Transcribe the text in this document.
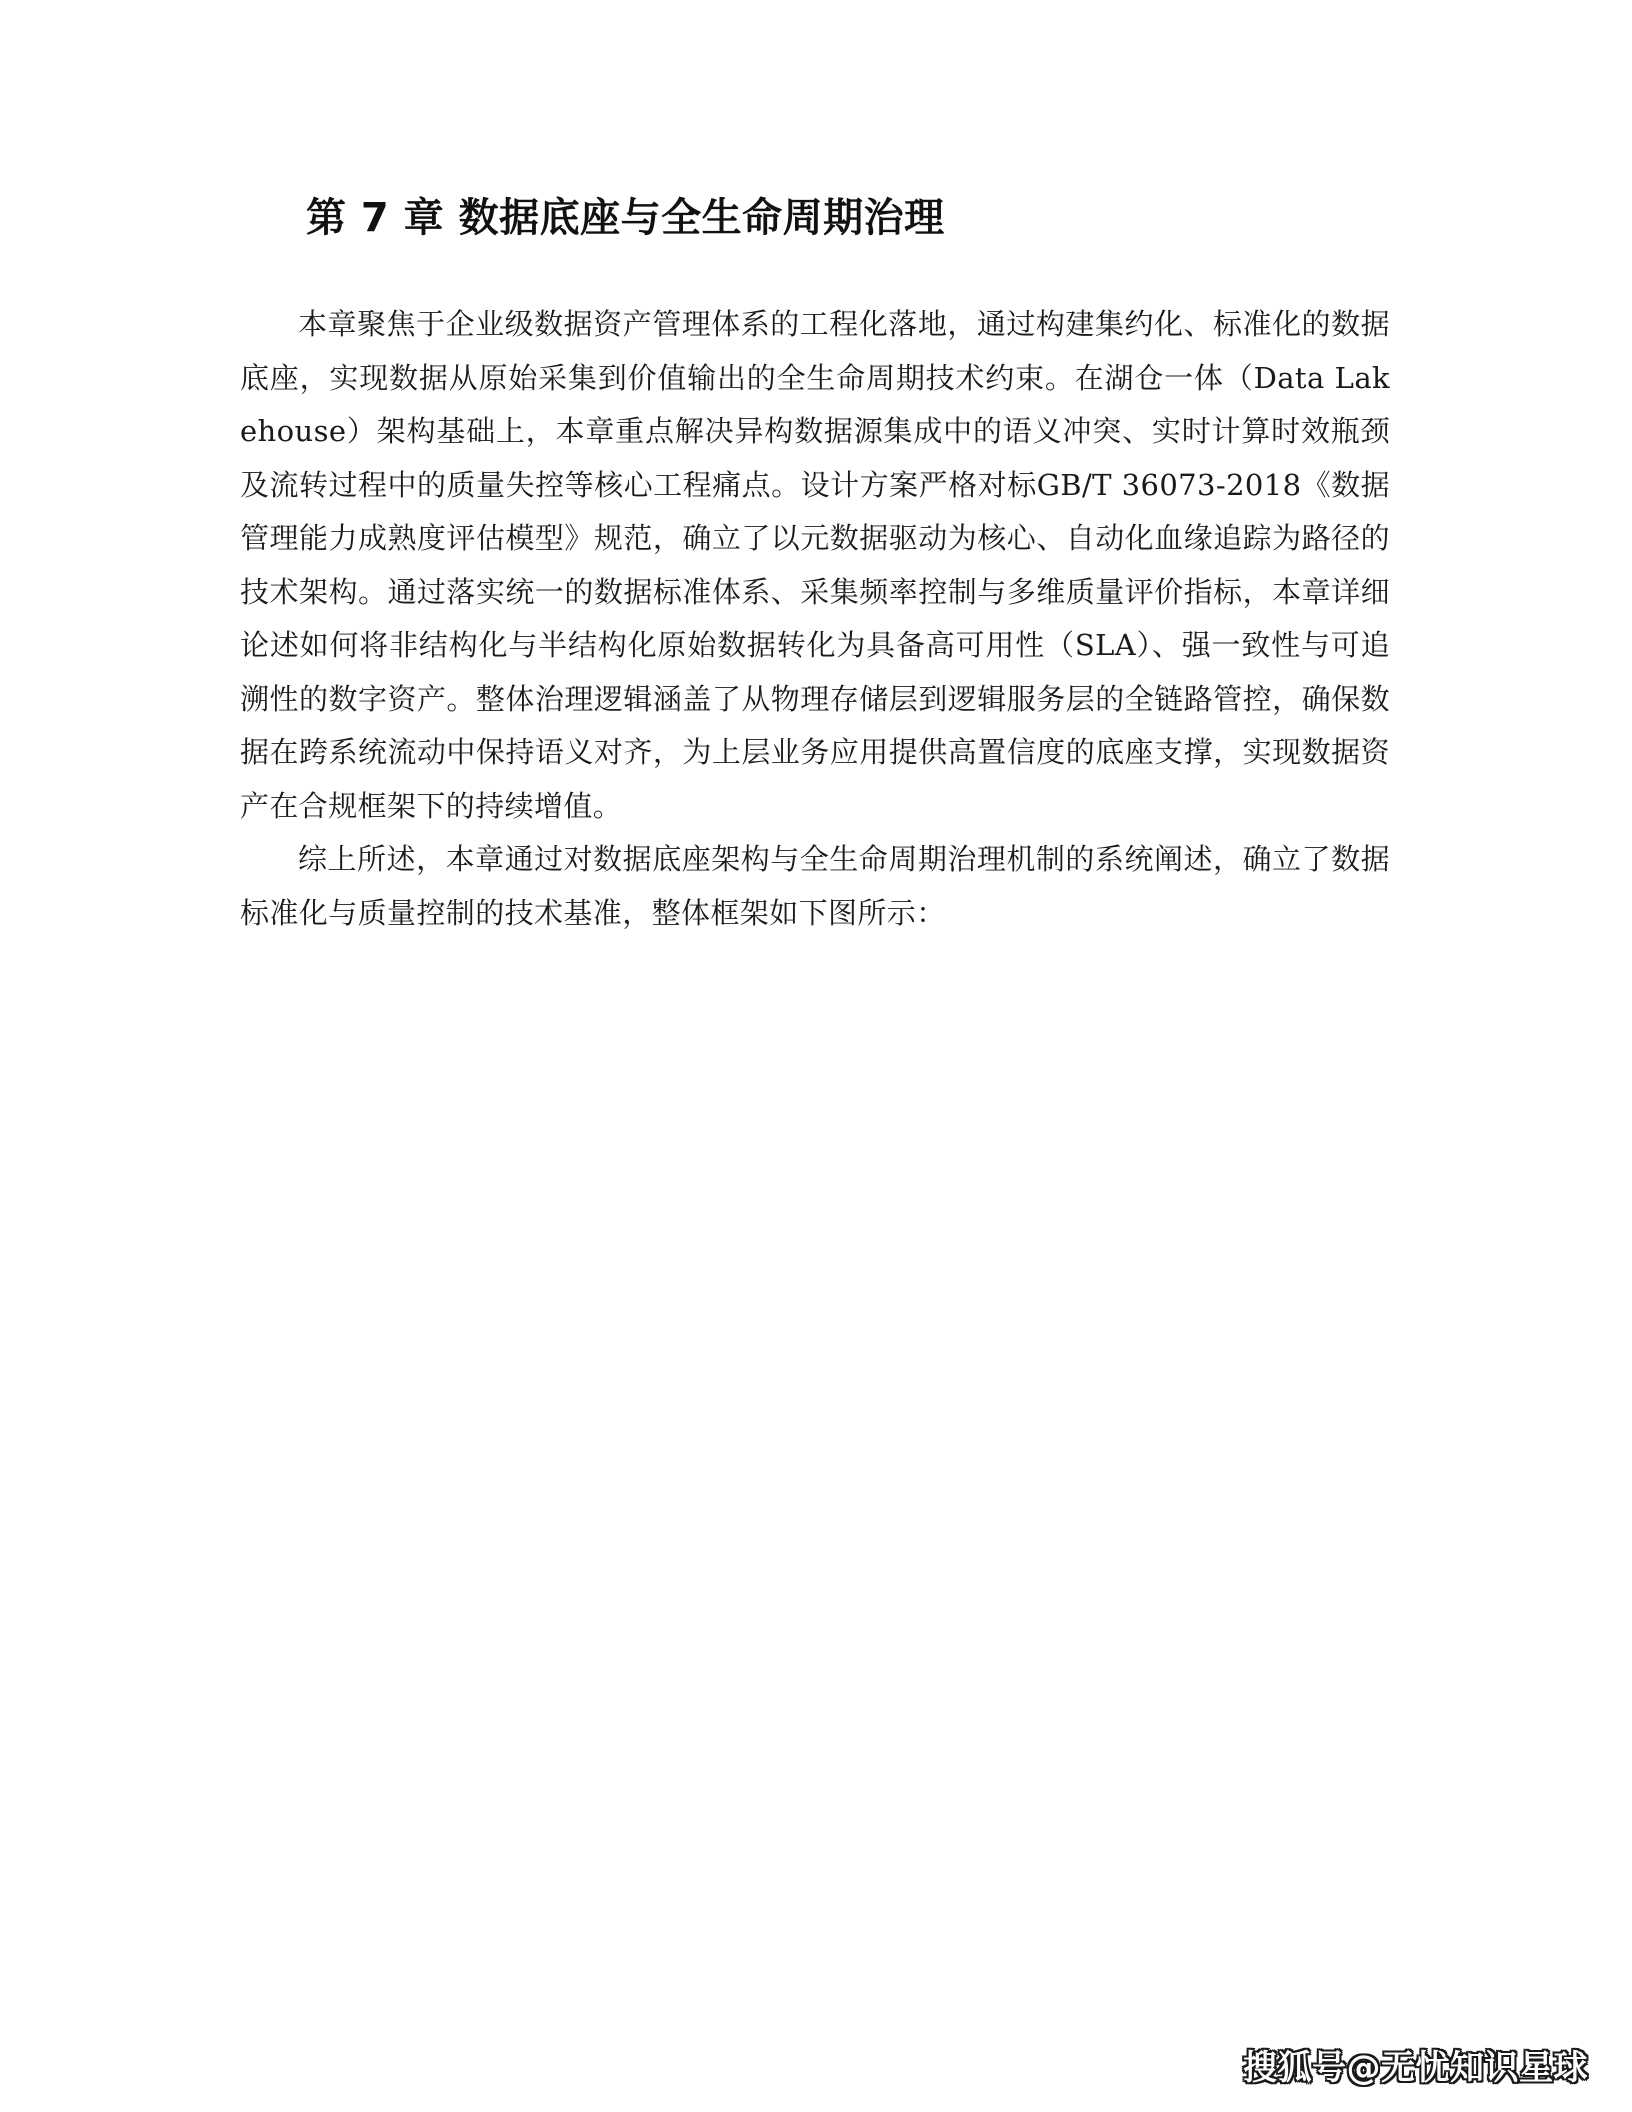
第 7 章 数据底座与全生命周期治理

本章聚焦于企业级数据资产管理体系的工程化落地，通过构建集约化、标准化的数据底座，实现数据从原始采集到价值输出的全生命周期技术约束。在湖仓一体（Data Lakehouse）架构基础上，本章重点解决异构数据源集成中的语义冲突、实时计算时效瓶颈及流转过程中的质量失控等核心工程痛点。设计方案严格对标GB/T 36073-2018《数据管理能力成熟度评估模型》规范，确立了以元数据驱动为核心、自动化血缘追踪为路径的技术架构。通过落实统一的数据标准体系、采集频率控制与多维质量评价指标，本章详细论述如何将非结构化与半结构化原始数据转化为具备高可用性（SLA）、强一致性与可追溯性的数字资产。整体治理逻辑涵盖了从物理存储层到逻辑服务层的全链路管控，确保数据在跨系统流动中保持语义对齐，为上层业务应用提供高置信度的底座支撑，实现数据资产在合规框架下的持续增值。

综上所述，本章通过对数据底座架构与全生命周期治理机制的系统阐述，确立了数据标准化与质量控制的技术基准，整体框架如下图所示：

搜狐号@无忧知识星球
